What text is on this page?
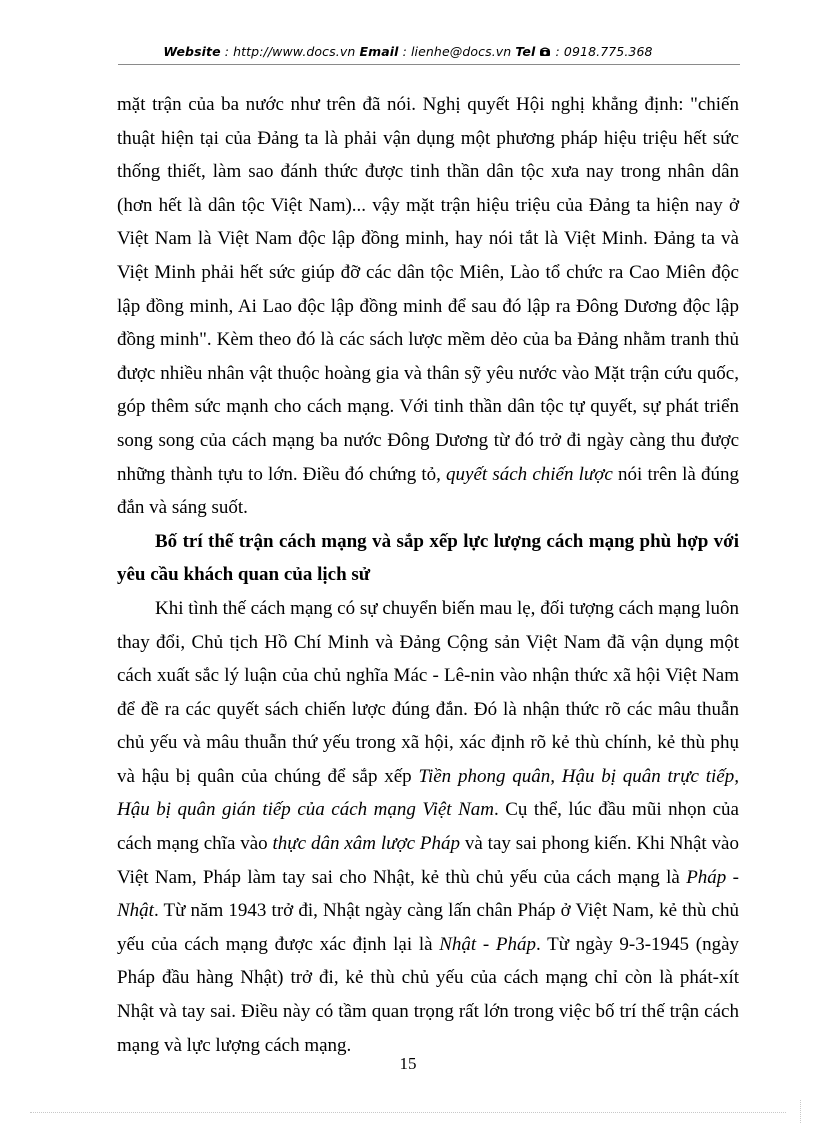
Website : http://www.docs.vn Email : lienhe@docs.vn Tel : 0918.775.368

mặt trận của ba nước như trên đã nói. Nghị quyết Hội nghị khẳng định: "chiến thuật hiện tại của Đảng ta là phải vận dụng một phương pháp hiệu triệu hết sức thống thiết, làm sao đánh thức được tinh thần dân tộc xưa nay trong nhân dân (hơn hết là dân tộc Việt Nam)... vậy mặt trận hiệu triệu của Đảng ta hiện nay ở Việt Nam là Việt Nam độc lập đồng minh, hay nói tắt là Việt Minh. Đảng ta và Việt Minh phải hết sức giúp đỡ các dân tộc Miên, Lào tổ chức ra Cao Miên độc lập đồng minh, Ai Lao độc lập đồng minh để sau đó lập ra Đông Dương độc lập đồng minh". Kèm theo đó là các sách lược mềm dẻo của ba Đảng nhằm tranh thủ được nhiều nhân vật thuộc hoàng gia và thân sỹ yêu nước vào Mặt trận cứu quốc, góp thêm sức mạnh cho cách mạng. Với tinh thần dân tộc tự quyết, sự phát triển song song của cách mạng ba nước Đông Dương từ đó trở đi ngày càng thu được những thành tựu to lớn. Điều đó chứng tỏ, quyết sách chiến lược nói trên là đúng đắn và sáng suốt.

Bố trí thế trận cách mạng và sắp xếp lực lượng cách mạng phù hợp với yêu cầu khách quan của lịch sử

Khi tình thế cách mạng có sự chuyển biến mau lẹ, đối tượng cách mạng luôn thay đổi, Chủ tịch Hồ Chí Minh và Đảng Cộng sản Việt Nam đã vận dụng một cách xuất sắc lý luận của chủ nghĩa Mác - Lê-nin vào nhận thức xã hội Việt Nam để đề ra các quyết sách chiến lược đúng đắn. Đó là nhận thức rõ các mâu thuẫn chủ yếu và mâu thuẫn thứ yếu trong xã hội, xác định rõ kẻ thù chính, kẻ thù phụ và hậu bị quân của chúng để sắp xếp Tiền phong quân, Hậu bị quân trực tiếp, Hậu bị quân gián tiếp của cách mạng Việt Nam. Cụ thể, lúc đầu mũi nhọn của cách mạng chĩa vào thực dân xâm lược Pháp và tay sai phong kiến. Khi Nhật vào Việt Nam, Pháp làm tay sai cho Nhật, kẻ thù chủ yếu của cách mạng là Pháp - Nhật. Từ năm 1943 trở đi, Nhật ngày càng lấn chân Pháp ở Việt Nam, kẻ thù chủ yếu của cách mạng được xác định lại là Nhật - Pháp. Từ ngày 9-3-1945 (ngày Pháp đầu hàng Nhật) trở đi, kẻ thù chủ yếu của cách mạng chỉ còn là phát-xít Nhật và tay sai. Điều này có tầm quan trọng rất lớn trong việc bố trí thế trận cách mạng và lực lượng cách mạng.

15
